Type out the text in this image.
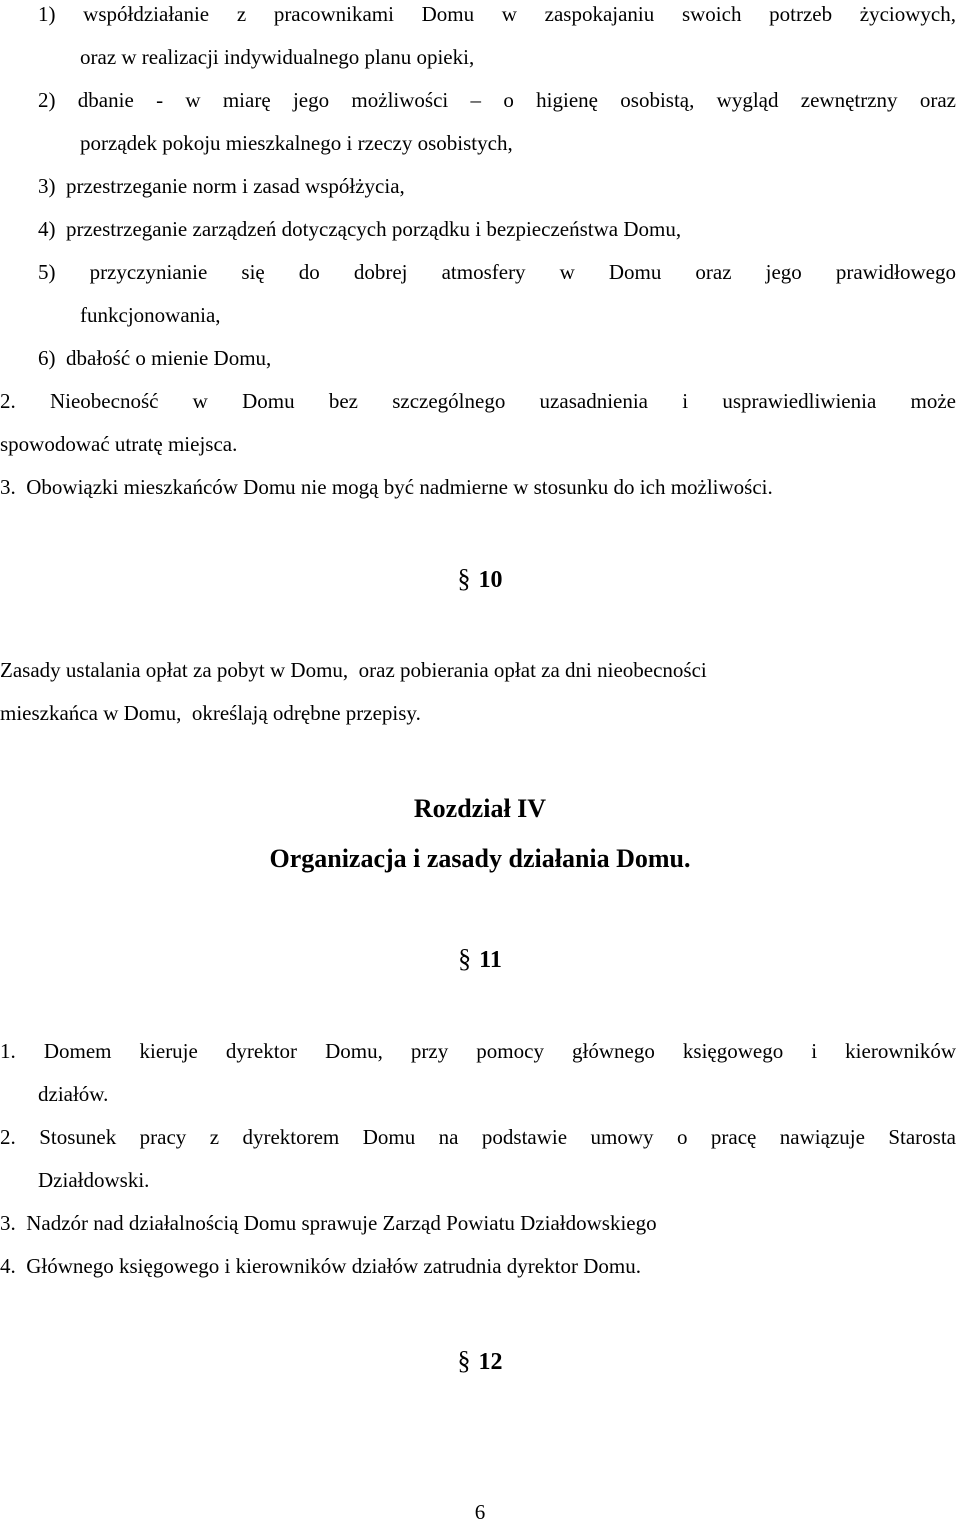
1) współdziałanie z pracownikami Domu w zaspokajaniu swoich potrzeb życiowych,
oraz w realizacji indywidualnego planu opieki,
2) dbanie - w miarę jego możliwości – o higienę osobistą, wygląd zewnętrzny oraz
porządek pokoju mieszkalnego i rzeczy osobistych,
3)  przestrzeganie norm i zasad współżycia,
4)  przestrzeganie zarządzeń dotyczących porządku i bezpieczeństwa Domu,
5) przyczynianie się do dobrej atmosfery w Domu oraz jego prawidłowego
funkcjonowania,
6)  dbałość o mienie Domu,
2. Nieobecność w Domu bez szczególnego uzasadnienia i usprawiedliwienia może
spowodować utratę miejsca.
3.  Obowiązki mieszkańców Domu nie mogą być nadmierne w stosunku do ich możliwości.
§ 10
Zasady ustalania opłat za pobyt w Domu,  oraz pobierania opłat za dni nieobecności
mieszkańca w Domu,  określają odrębne przepisy.
Rozdział IV
Organizacja i zasady działania Domu.
§ 11
1. Domem kieruje dyrektor Domu, przy pomocy głównego księgowego i kierowników
działów.
2. Stosunek pracy z dyrektorem Domu na podstawie umowy o pracę nawiązuje Starosta
Działdowski.
3.  Nadzór nad działalnością Domu sprawuje Zarząd Powiatu Działdowskiego
4.  Głównego księgowego i kierowników działów zatrudnia dyrektor Domu.
§ 12
6
